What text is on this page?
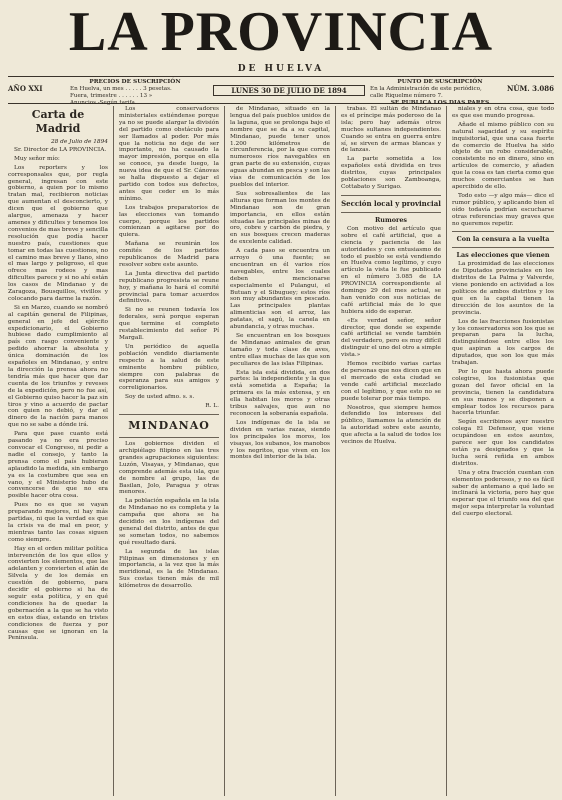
LA PROVINCIA
DE HUELVA
AÑO XXI
PRECIOS DE SUSCRIPCIÓN
En Huelva, un mes . . . . . 3 pesetas.
Fuera, trimestre . . . . . . 13 »
Anuncios.-Según tarifa.
LUNES 30 DE JULIO DE 1894
PUNTO DE SUSCRIPCIÓN
En la Administración de este periódico,
calle Riquelme número 7.
SE PUBLICA LOS DIAS PARES
NÚM. 3.086
Carta de Madrid
28 de Julio de 1894

Sr. Director de LA PROVINCIA.

Muy señor mío:

Los reporters y los corresponsales que, por regla general, ingresan con este gobierno, a quien por lo mismo tratan mal, recibieron noticias que aumentan el desconcierto, y dicen que el gobierno que alargue, amenaza y hacer amenes y dificultes y tenemos los convenios de mas breve y sencilla resolución que podía hacer nuestro país, cuestiones que tomar en todas las cuestiones, no el camino mas breve y llano, sino el mas largo y peligroso, el que ofrece mas rodeos y mas dificultes parece y si no ahí están los casos de Mindanao y de Zaragoza, Bousquillos, vivillos y colocando para darme la razón.

Si en Marzo, cuando se nombró al capitán general de Filipinas, general en jefe del ejército expedicionario, el Gobierno hubiese dado cumplimiento al país con rasgo conveniente y pedido ahorrar la absoluta y única dominación de los españoles en Mindanao, y entre la dirección la prensa ahora no tendría más que hacer que dar cuenta de los triunfos y reveses de la expedición, pero no fue así, el Gobierno quiso hacer la paz sin tiros y vino a acuerdo de pactar con quien no debió, y dar el dinero de la nación para manos que no se sabe a dónde irá.

Para que pase cuanto está pasando ya no era preciso convocar el Congreso, ni pedir a nadie el consejo, y tanto la prensa como el país hubieran aplaudido la medida, sin embargo ya es la costumbre que sea en vano, y el Ministerio hubo de convencerse de que no era posible hacer otra cosa.

Pues no es que se vayan preparando mejores, ni hay más partidas, ni que la verdad es que la crisis va de mal en peor, y mientras tanto las cosas siguen como siempre.

Hay en el orden militar política intervención de los que ellos y convierten los elementos, que las adelanten y convierten el afán de Silvela y de los demás en cuestión de gobierno, para decidir el gobierno si ha de seguir esta política, y en qué condiciones ha de quedar la gobernación a la que se ha visto en estos días, estando en tristes condiciones de fuerza y por causas que se ignoran en la Península.

Los conservadores ministeriales estiéndense porque ya no se puede alargar la división del partido como obstáculo para ser llamados al poder. Por más que la noticia no deje de ser importante, no ha causado la mayor impresión, porque en ella se conoce, ya desde luego, la nueva idea de que el Sr. Cánovas se halla dispuesto a dejar el partido con todos sus defectos, antes que ceder en lo más mínimo.

Los trabajos preparatorios de las elecciones van tomando cuerpo, porque los partidos comienzan a agitarse por do quiera.

Mañana se reunirán los comités de los partidos republicanos de Madrid para resolver sobre este asunto.

La Junta directiva del partido republicano progresista se reune hoy, y mañana lo hará el comité provincial para tomar acuerdos definitivos.

Si no se reunen todavía los federales, será porque esperan que termine el completo restablecimiento del señor Pí Margall.

Un periódico de aquella población vendido diariamente respecto a la salud de este eminente hombre público, siempre con palabras de esperanza para sus amigos y correligionarios.

Soy de usted afmo. s. s.

R. L.
MINDANAO

Los gobiernos dividen el archipiélago filipino en las tres grandes agrupaciones siguientes: Luzón, Visayas, y Mindanao, que comprende además esta isla, que de nombre al grupo, las de Basilan, Jolo, Paragua y otras menores.

La población española en la isla de Mindanao no es completa y la campaña que ahora se ha decidido en los indígenas del general del distrito, antes de que se sometan todos, no sabemos qué resultado dará.

La segunda de las islas Filipinas en dimensiones y en importancia, a la vez que la más meridional, es la de Mindanao. Sus costas tienen más de mil kilómetros de desarrollo.

de Mindanao, situado en la lengua del país pueblos unidos de la laguna, que se prolonga bajo el nombre que se da a su capital, Mindanao, puede tener unos 1.200 kilómetros de circunferencia, por la que corren numerosos ríos navegables en gran parte de su extensión, cuyas aguas abundan en pesca y son las vías de comunicación de los pueblos del interior.

Sus sobresalientes de las alturas que forman los montes de Mindanao son de gran importancia, en ellos están situadas las principales minas de oro, cobre y carbón de piedra, y en sus bosques crecen maderas de excelente calidad.

A cada paso se encuentra un arroyo ó una fuente; se encuentran en él varios ríos navegables, entre los cuales deben mencionarse especialmente el Pulangui, el Butuan y el Sibuguey; estos ríos son muy abundantes en pescado. Las principales plantas alimenticias son el arroz, las patatas, el sagú, la canela en abundancia, y otras muchas.

Se encuentran en los bosques de Mindanao animales de gran tamaño y toda clase de aves, entre ellas muchas de las que son peculiares de las islas Filipinas.

Esta isla está dividida, en dos partes: la independiente y la que está sometida a España; la primera es la más extensa, y en ella habitan los moros y otras tribus salvajes, que aun no reconocen la soberanía española.

Los indígenas de la isla se dividen en varias razas, siendo los principales los moros, los visayas, los subanos, los manobos y los negritos, que viven en los montes del interior de la isla.

trabas. El sultán de Mindanao es el príncipe más poderoso de la isla; pero hay además otros muchos sultanes independientes. Cuando se entra en guerra entre sí, se sirven de armas blancas y de lanzas.

La parte sometida a los españoles está dividida en tres distritos, cuyas principales poblaciones son Zamboanga, Cottabato y Surigao.

Sección local y provincial
Rumores

Con motivo del artículo que sobre el café artificial, que a ciencia y paciencia de las autoridades y con entusiasmo de todo el pueblo se está vendiendo en Huelva como legítimo, y cuyo artículo la vista le fue publicado en el número 3.085 de LA PROVINCIA correspondiente al domingo 29 del mes actual, se han venido con sus noticias de café artificial más de lo que hubiera sido de esperar.

«Es verdad señor, señor director, que donde se expende café artificial se vende también del verdadero, pero es muy difícil distinguir el uno del otro a simple vista.»

Hemos recibido varias cartas de personas que nos dicen que en el mercado de esta ciudad se vende café artificial mezclado con el legítimo, y que esto no se puede tolerar por más tiempo.

Nosotros, que siempre hemos defendido los intereses del público, llamamos la atención de la autoridad sobre este asunto, que afecta a la salud de todos los vecinos de Huelva.

niales y en otra cosa, que todo es que ese mundo progresa.

Añade el mismo público con su natural sagacidad y su espíritu inquisitorial, que una casa fuerte de comercio de Huelva ha sido objeto de un robo considerable, consistente no en dinero, sino en artículos de comercio, y añaden que la cosa es tan cierta como que muchos comerciantes se han apercibido de ello.

Todo esto —y algo más— dice el rumor público, y aplicando bien el oído todavía podrían escucharse otras referencias muy graves que no queremos repetir.

Con la censura a la vuelta
Las elecciones que vienen

La proximidad de las elecciones de Diputados provinciales en los distritos de La Palma y Valverde, viene poniendo en actividad a los políticos de ambos distritos y los que en la capital tienen la dirección de los asuntos de la provincia.

Los de las fracciones fusionistas y los conservadores son los que se preparan para la lucha, distinguiéndose entre ellos los que aspiran a los cargos de diputados, que son los que más trabajan.

Por lo que hasta ahora puede colegirse, los fusionistas que gozan del favor oficial en la provincia, tienen la candidatura en sus manos y se disponen a emplear todos los recursos para hacerla triunfar.

Según escribimos ayer nuestro colega El Defensor, que viene ocupándose en estos asuntos, parece ser que los candidatos están ya designados y que la lucha será reñida en ambos distritos.

Una y otra fracción cuentan con elementos poderosos, y no es fácil saber de antemano a qué lado se inclinará la victoria, pero hay que esperar que el triunfo sea del que mejor sepa interpretar la voluntad del cuerpo electoral.
